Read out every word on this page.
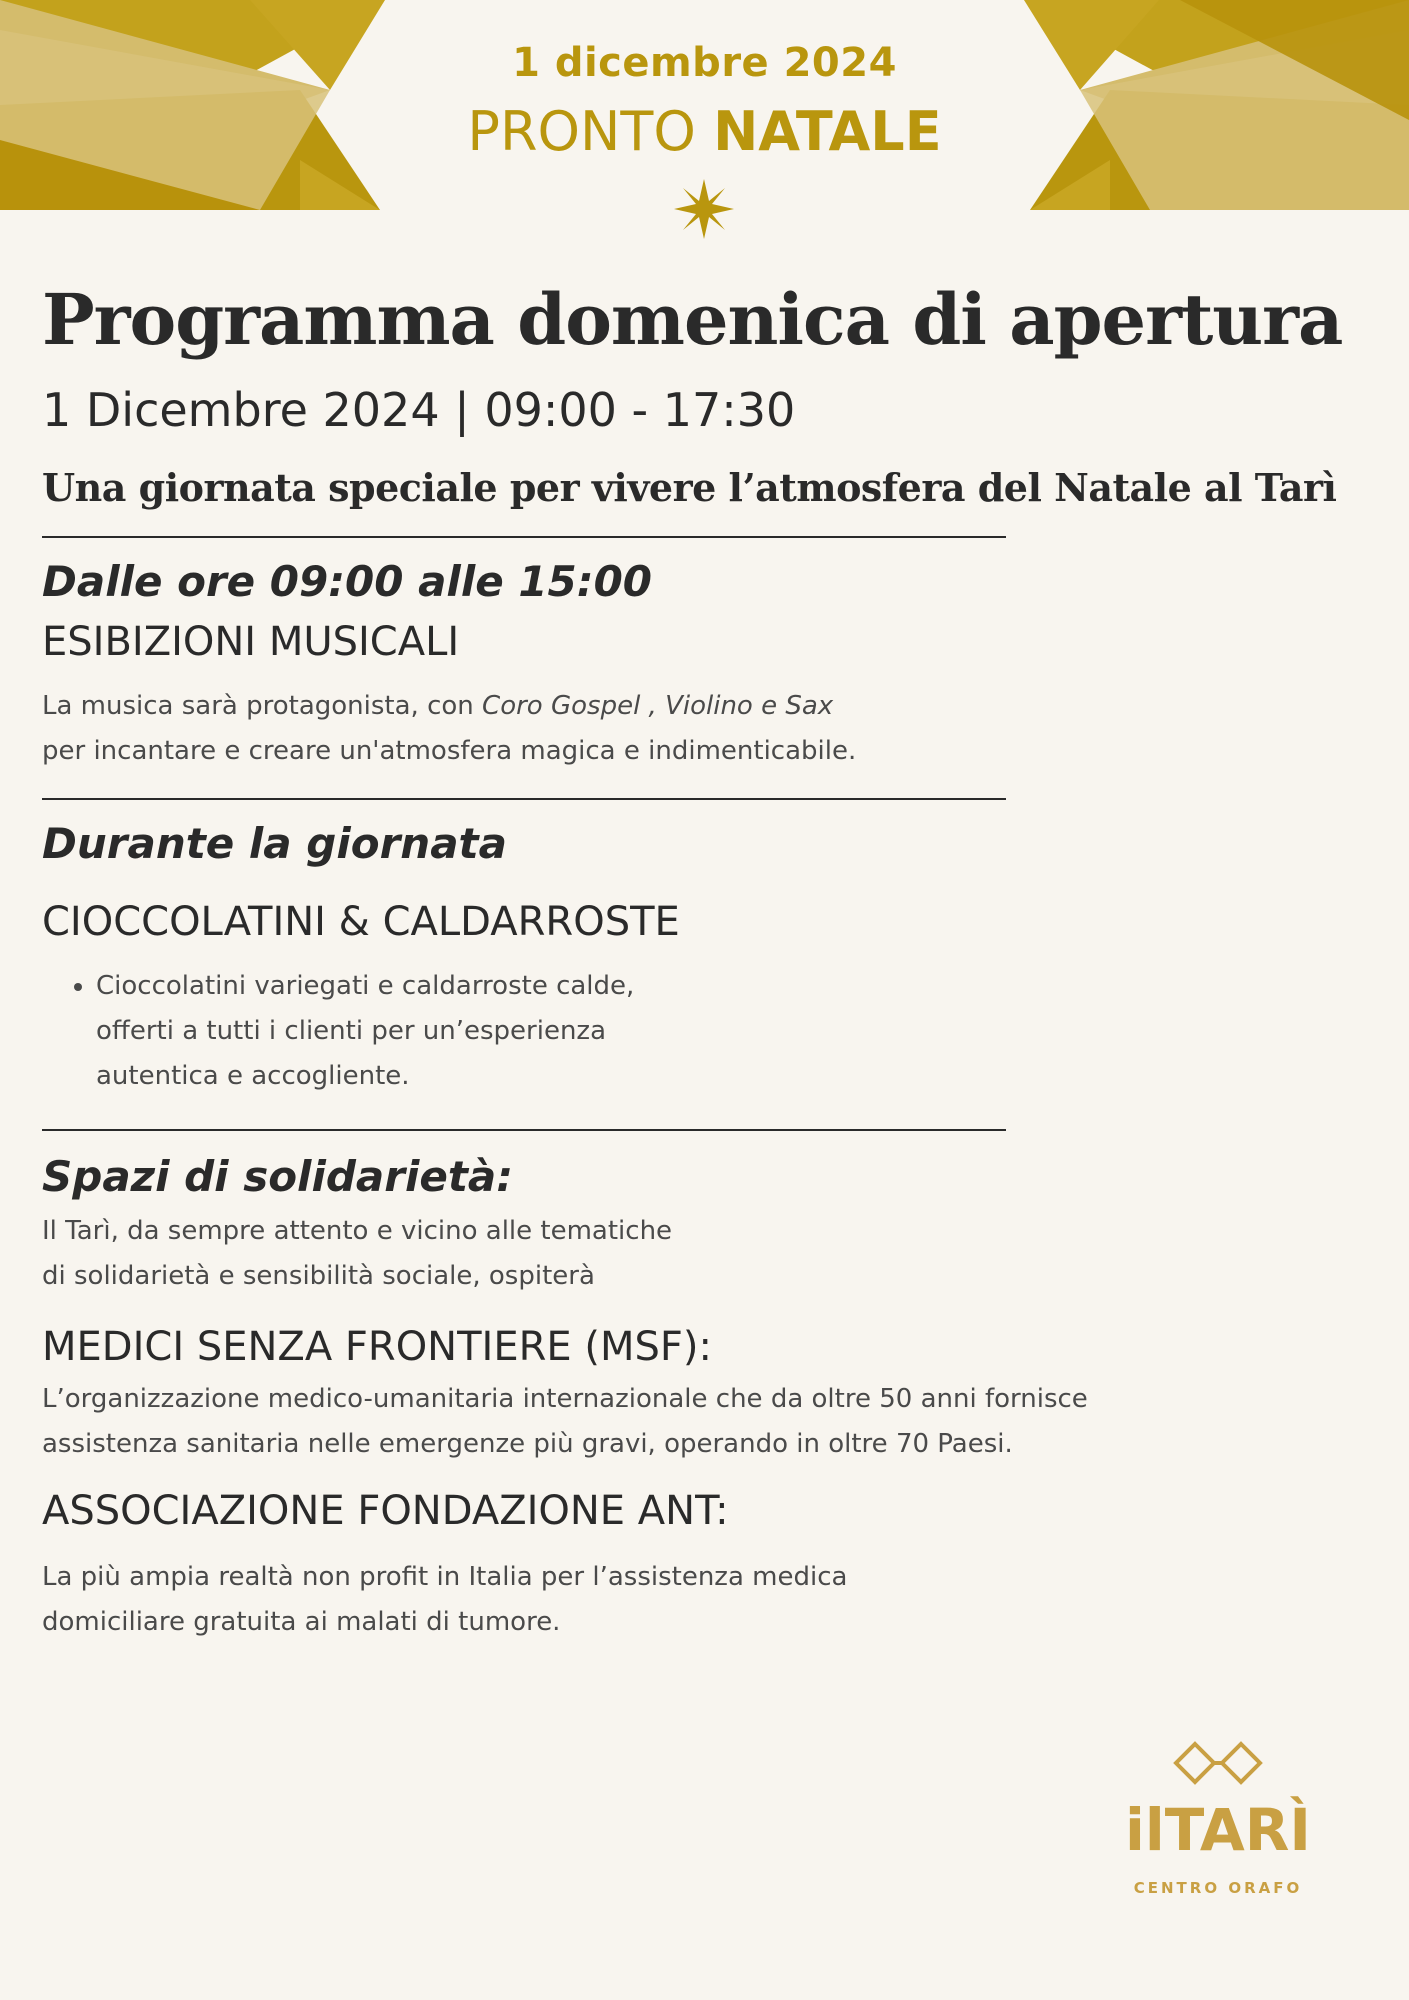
1 dicembre 2024
PRONTO NATALE
Programma domenica di apertura
1 Dicembre 2024 | 09:00 - 17:30
Una giornata speciale per vivere l’atmosfera del Natale al Tarì
Dalle ore 09:00 alle 15:00
ESIBIZIONI MUSICALI
La musica sarà protagonista, con Coro Gospel , Violino e Sax
per incantare e creare un'atmosfera magica e indimenticabile.
Durante la giornata
CIOCCOLATINI & CALDARROSTE
• Cioccolatini variegati e caldarroste calde,
offerti a tutti i clienti per un’esperienza
autentica e accogliente.
Spazi di solidarietà:
Il Tarì, da sempre attento e vicino alle tematiche
di solidarietà e sensibilità sociale, ospiterà
MEDICI SENZA FRONTIERE (MSF):
L’organizzazione medico-umanitaria internazionale che da oltre 50 anni fornisce
assistenza sanitaria nelle emergenze più gravi, operando in oltre 70 Paesi.
ASSOCIAZIONE FONDAZIONE ANT:
La più ampia realtà non profit in Italia per l’assistenza medica
domiciliare gratuita ai malati di tumore.
ilTARÌ
CENTRO ORAFO
